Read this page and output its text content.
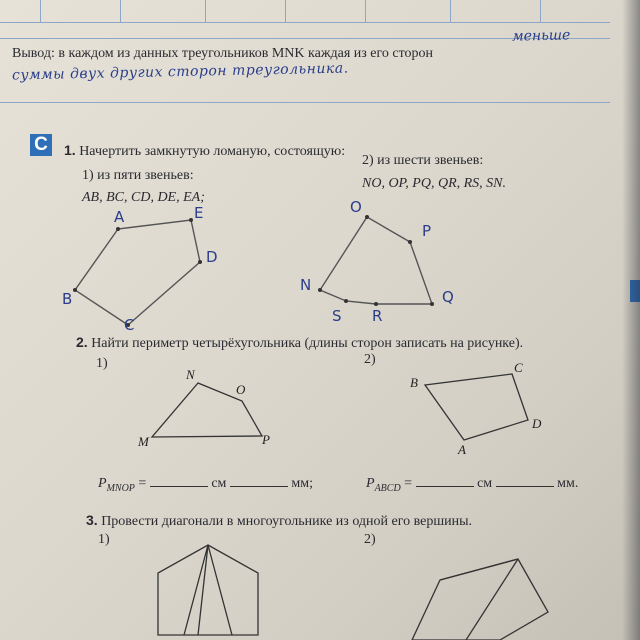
Вывод: в каждом из данных треугольников MNK каждая из его сторон
меньше
суммы двух других сторон треугольника.
C 1. Начертить замкнутую ломаную, состоящую:
1) из пяти звеньев:
AB, BC, CD, DE, EA;
2) из шести звеньев:
NO, OP, PQ, QR, RS, SN.
2. Найти периметр четырёхугольника (длины сторон записать на рисунке).
1)	2)
$P_{MNOP}$ =	см	мм;	$P_{ABCD}$ =	см	мм.
3. Провести диагонали в многоугольнике из одной его вершины.
1)	2)
A
B
C
D
E	O
P
Q
R
S
N
N
O
M	P
B
C
D
A
